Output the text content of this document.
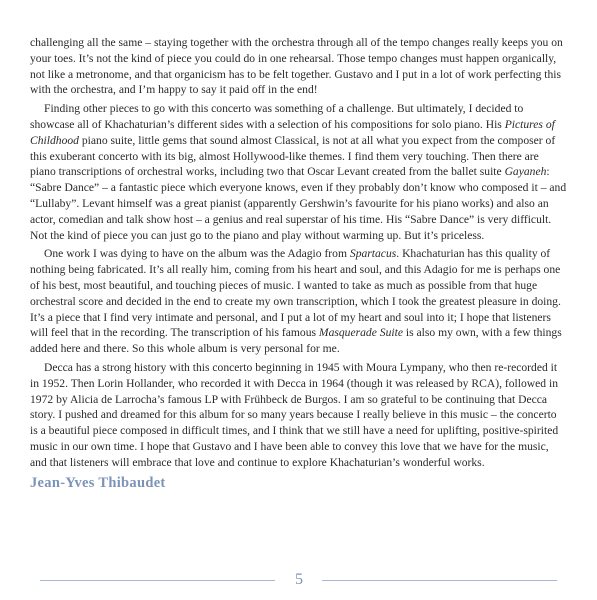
challenging all the same – staying together with the orchestra through all of the tempo changes really keeps you on your toes. It’s not the kind of piece you could do in one rehearsal. Those tempo changes must happen organically, not like a metronome, and that organicism has to be felt together. Gustavo and I put in a lot of work perfecting this with the orchestra, and I’m happy to say it paid off in the end!

Finding other pieces to go with this concerto was something of a challenge. But ultimately, I decided to showcase all of Khachaturian’s different sides with a selection of his compositions for solo piano. His Pictures of Childhood piano suite, little gems that sound almost Classical, is not at all what you expect from the composer of this exuberant concerto with its big, almost Hollywood-like themes. I find them very touching. Then there are piano transcriptions of orchestral works, including two that Oscar Levant created from the ballet suite Gayaneh: “Sabre Dance” – a fantastic piece which everyone knows, even if they probably don’t know who composed it – and “Lullaby”. Levant himself was a great pianist (apparently Gershwin’s favourite for his piano works) and also an actor, comedian and talk show host – a genius and real superstar of his time. His “Sabre Dance” is very difficult. Not the kind of piece you can just go to the piano and play without warming up. But it’s priceless.

One work I was dying to have on the album was the Adagio from Spartacus. Khachaturian has this quality of nothing being fabricated. It’s all really him, coming from his heart and soul, and this Adagio for me is perhaps one of his best, most beautiful, and touching pieces of music. I wanted to take as much as possible from that huge orchestral score and decided in the end to create my own transcription, which I took the greatest pleasure in doing. It’s a piece that I find very intimate and personal, and I put a lot of my heart and soul into it; I hope that listeners will feel that in the recording. The transcription of his famous Masquerade Suite is also my own, with a few things added here and there. So this whole album is very personal for me.

Decca has a strong history with this concerto beginning in 1945 with Moura Lympany, who then re-recorded it in 1952. Then Lorin Hollander, who recorded it with Decca in 1964 (though it was released by RCA), followed in 1972 by Alicia de Larrocha’s famous LP with Frühbeck de Burgos. I am so grateful to be continuing that Decca story. I pushed and dreamed for this album for so many years because I really believe in this music – the concerto is a beautiful piece composed in difficult times, and I think that we still have a need for uplifting, positive-spirited music in our own time. I hope that Gustavo and I have been able to convey this love that we have for the music, and that listeners will embrace that love and continue to explore Khachaturian’s wonderful works.

Jean-Yves Thibaudet
5
